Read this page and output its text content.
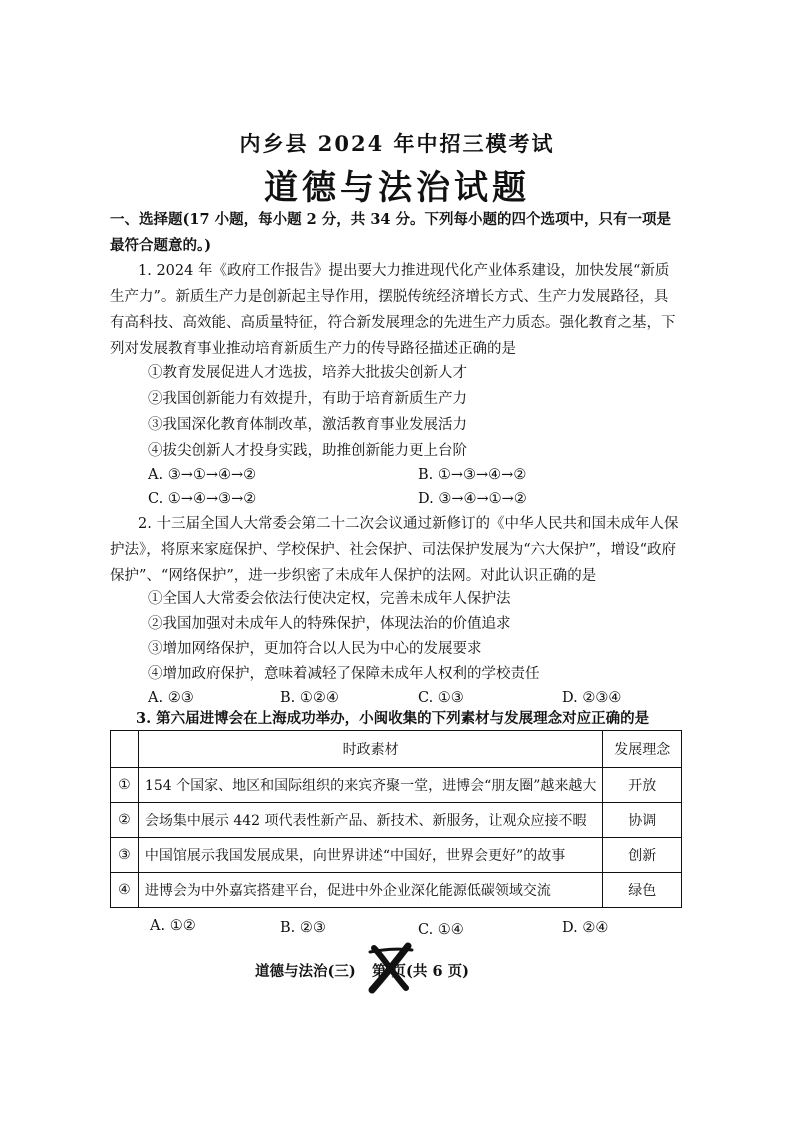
内乡县 2024 年中招三模考试
道德与法治试题
一、选择题(17 小题，每小题 2 分，共 34 分。下列每小题的四个选项中，只有一项是最符合题意的。)
1. 2024 年《政府工作报告》提出要大力推进现代化产业体系建设，加快发展“新质生产力”。新质生产力是创新起主导作用，摆脱传统经济增长方式、生产力发展路径，具有高科技、高效能、高质量特征，符合新发展理念的先进生产力质态。强化教育之基，下列对发展教育事业推动培育新质生产力的传导路径描述正确的是
①教育发展促进人才选拔，培养大批拔尖创新人才
②我国创新能力有效提升，有助于培育新质生产力
③我国深化教育体制改革，激活教育事业发展活力
④拔尖创新人才投身实践，助推创新能力更上台阶
A. ③→①→④→②	B. ①→③→④→②
C. ①→④→③→②	D. ③→④→①→②
2. 十三届全国人大常委会第二十二次会议通过新修订的《中华人民共和国未成年人保护法》，将原来家庭保护、学校保护、社会保护、司法保护发展为“六大保护”，增设“政府保护”、“网络保护”，进一步织密了未成年人保护的法网。对此认识正确的是
①全国人大常委会依法行使决定权，完善未成年人保护法
②我国加强对未成年人的特殊保护，体现法治的价值追求
③增加网络保护，更加符合以人民为中心的发展要求
④增加政府保护，意味着减轻了保障未成年人权利的学校责任
A. ②③	B. ①②④	C. ①③	D. ②③④
3. 第六届进博会在上海成功举办，小闽收集的下列素材与发展理念对应正确的是
	时政素材	发展理念
①	154 个国家、地区和国际组织的来宾齐聚一堂，进博会“朋友圈”越来越大	开放
②	会场集中展示 442 项代表性新产品、新技术、新服务，让观众应接不暇	协调
③	中国馆展示我国发展成果，向世界讲述“中国好，世界会更好”的故事	创新
④	进博会为中外嘉宾搭建平台，促进中外企业深化能源低碳领域交流	绿色
A. ①②	B. ②③	C. ①④	D. ②④
道德与法治(三) 第 页(共 6 页)
